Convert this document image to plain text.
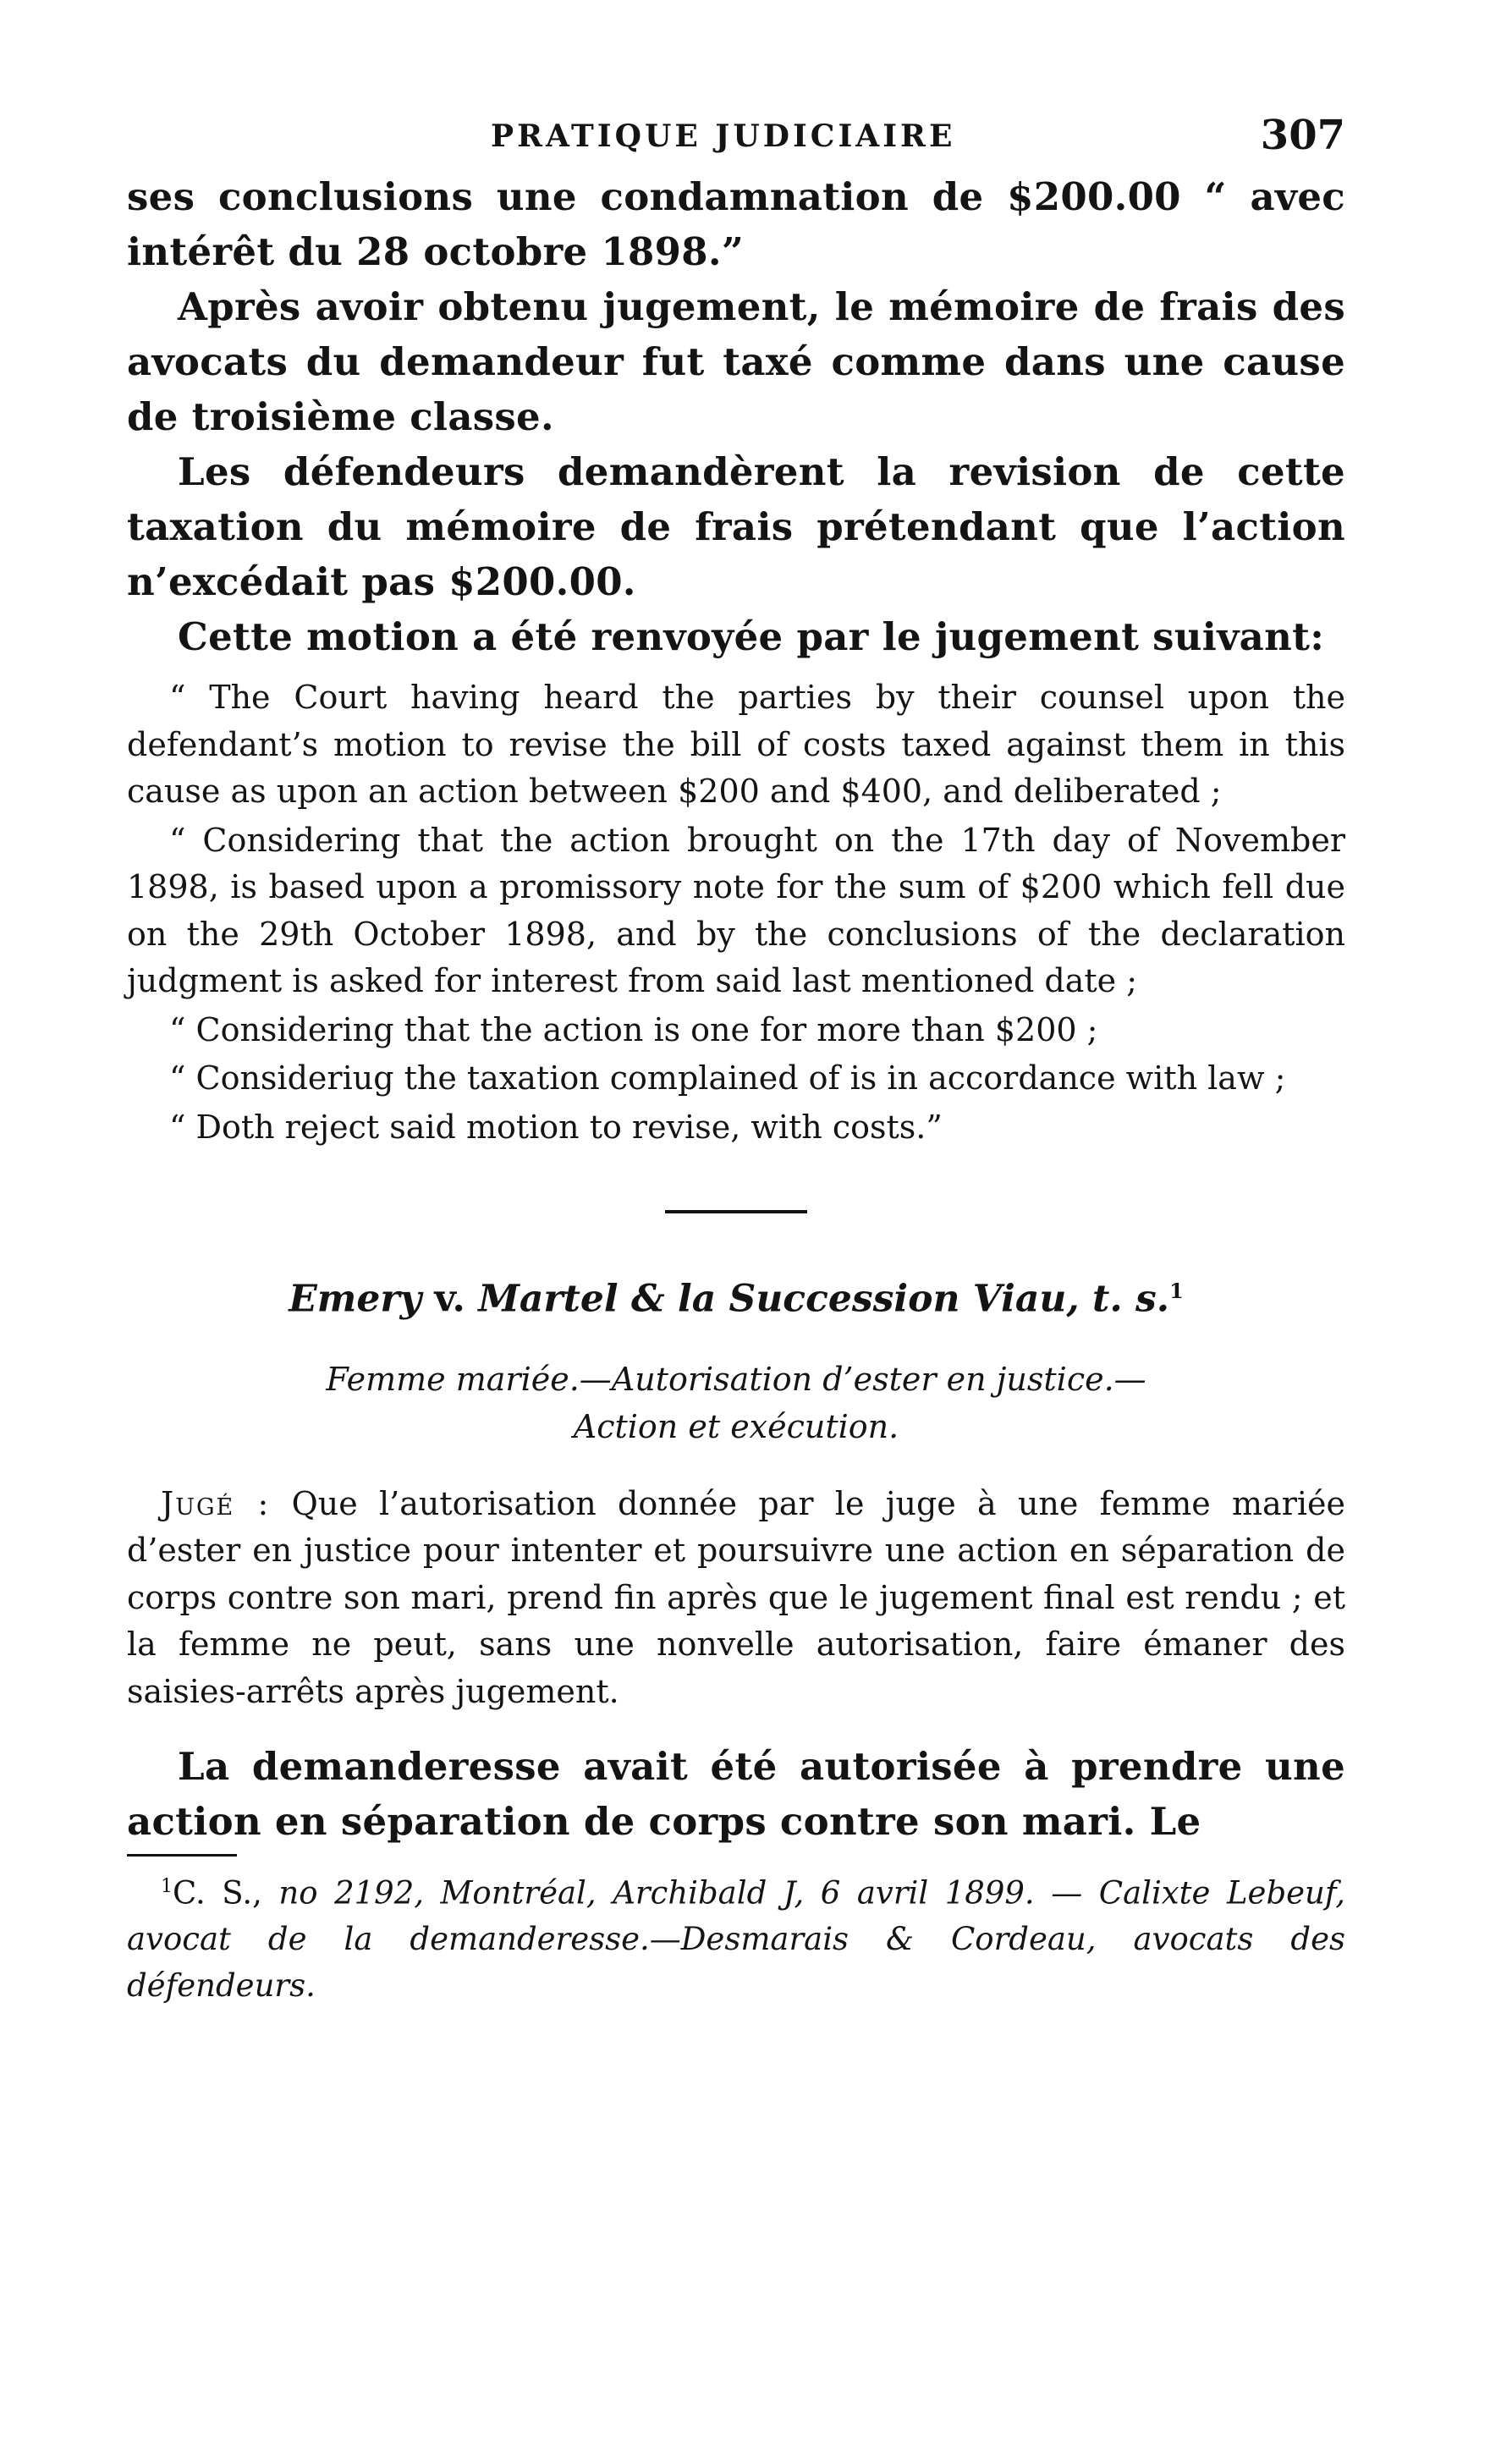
PRATIQUE JUDICIAIRE	307

ses conclusions une condamnation de $200.00 “ avec intérêt du 28 octobre 1898.”

Après avoir obtenu jugement, le mémoire de frais des avocats du demandeur fut taxé comme dans une cause de troisième classe.

Les défendeurs demandèrent la revision de cette taxation du mémoire de frais prétendant que l’action n’excédait pas $200.00.

Cette motion a été renvoyée par le jugement suivant:

“ The Court having heard the parties by their counsel upon the defendant’s motion to revise the bill of costs taxed against them in this cause as upon an action between $200 and $400, and deliberated ;

“ Considering that the action brought on the 17th day of November 1898, is based upon a promissory note for the sum of $200 which fell due on the 29th October 1898, and by the conclusions of the declaration judgment is asked for interest from said last mentioned date ;

“ Considering that the action is one for more than $200 ;

“ Consideriug the taxation complained of is in accordance with law ;

“ Doth reject said motion to revise, with costs.”

Emery v. Martel & la Succession Viau, t. s.$^1$
Femme mariée.—Autorisation d’ester en justice.—
Action et exécution.

Jugé : Que l’autorisation donnée par le juge à une femme mariée d’ester en justice pour intenter et poursuivre une action en séparation de corps contre son mari, prend fin après que le jugement final est rendu ; et la femme ne peut, sans une nonvelle autorisation, faire émaner des saisies-arrêts après jugement.

La demanderesse avait été autorisée à prendre une action en séparation de corps contre son mari. Le

$^1$C. S., no 2192, Montréal, Archibald J, 6 avril 1899. — Calixte Lebeuf, avocat de la demanderesse.—Desmarais & Cordeau, avocats des défendeurs.
